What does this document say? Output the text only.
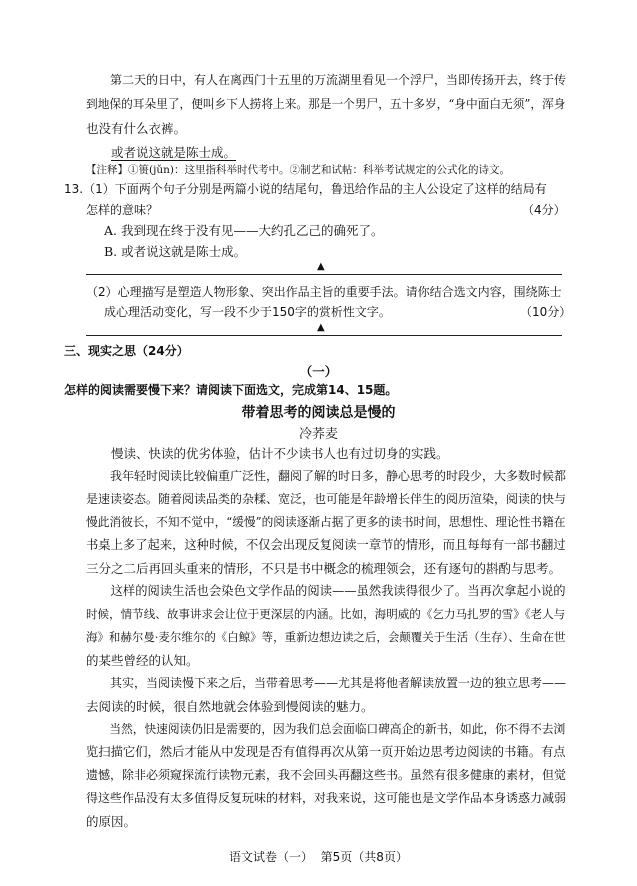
第二天的日中，有人在离西门十五里的万流湖里看见一个浮尸，当即传扬开去，终于传
到地保的耳朵里了，便叫乡下人捞将上来。那是一个男尸，五十多岁，“身中面白无须”，浑身
也没有什么衣裤。
或者说这就是陈士成。
【注释】①篑(jǔn)：这里指科举时代考中。②制艺和试帖：科举考试规定的公式化的诗文。
13.（1）下面两个句子分别是两篇小说的结尾句，鲁迅给作品的主人公设定了这样的结局有
怎样的意味？	（4分）
A. 我到现在终于没有见——大约孔乙己的确死了。
B. 或者说这就是陈士成。
▲
（2）心理描写是塑造人物形象、突出作品主旨的重要手法。请你结合选文内容，围绕陈士
成心理活动变化，写一段不少于150字的赏析性文字。	（10分）
▲
三、现实之思（24分）
（一）
怎样的阅读需要慢下来？请阅读下面选文，完成第14、15题。
带着思考的阅读总是慢的
冷荞麦
慢读、快读的优劣体验，估计不少读书人也有过切身的实践。
我年轻时阅读比较偏重广泛性，翻阅了解的时日多，静心思考的时段少，大多数时候都
是速读姿态。随着阅读品类的杂糅、宽泛，也可能是年龄增长伴生的阅历渲染，阅读的快与
慢此消彼长，不知不觉中，“缓慢”的阅读逐渐占据了更多的读书时间，思想性、理论性书籍在
书桌上多了起来，这种时候，不仅会出现反复阅读一章节的情形，而且每每有一部书翻过
三分之二后再回头重来的情形，不只是书中概念的梳理领会，还有逐句的斟酌与思考。
这样的阅读生活也会染色文学作品的阅读——虽然我读得很少了。当再次拿起小说的
时候，情节线、故事讲求会让位于更深层的内涵。比如，海明威的《乞力马扎罗的雪》《老人与
海》和赫尔曼·麦尔维尔的《白鲸》等，重新边想边读之后，会颠覆关于生活（生存）、生命在世
的某些曾经的认知。
其实，当阅读慢下来之后，当带着思考——尤其是将他者解读放置一边的独立思考——
去阅读的时候，很自然地就会体验到慢阅读的魅力。
当然，快速阅读仍旧是需要的，因为我们总会面临口碑高企的新书，如此，你不得不去浏
览扫描它们，然后才能从中发现是否有值得再次从第一页开始边思考边阅读的书籍。有点
遗憾，除非必须窥探流行读物元素，我不会回头再翻这些书。虽然有很多健康的素材，但觉
得这些作品没有太多值得反复玩味的材料，对我来说，这可能也是文学作品本身诱惑力减弱
的原因。
语文试卷（一）  第5页（共8页）
